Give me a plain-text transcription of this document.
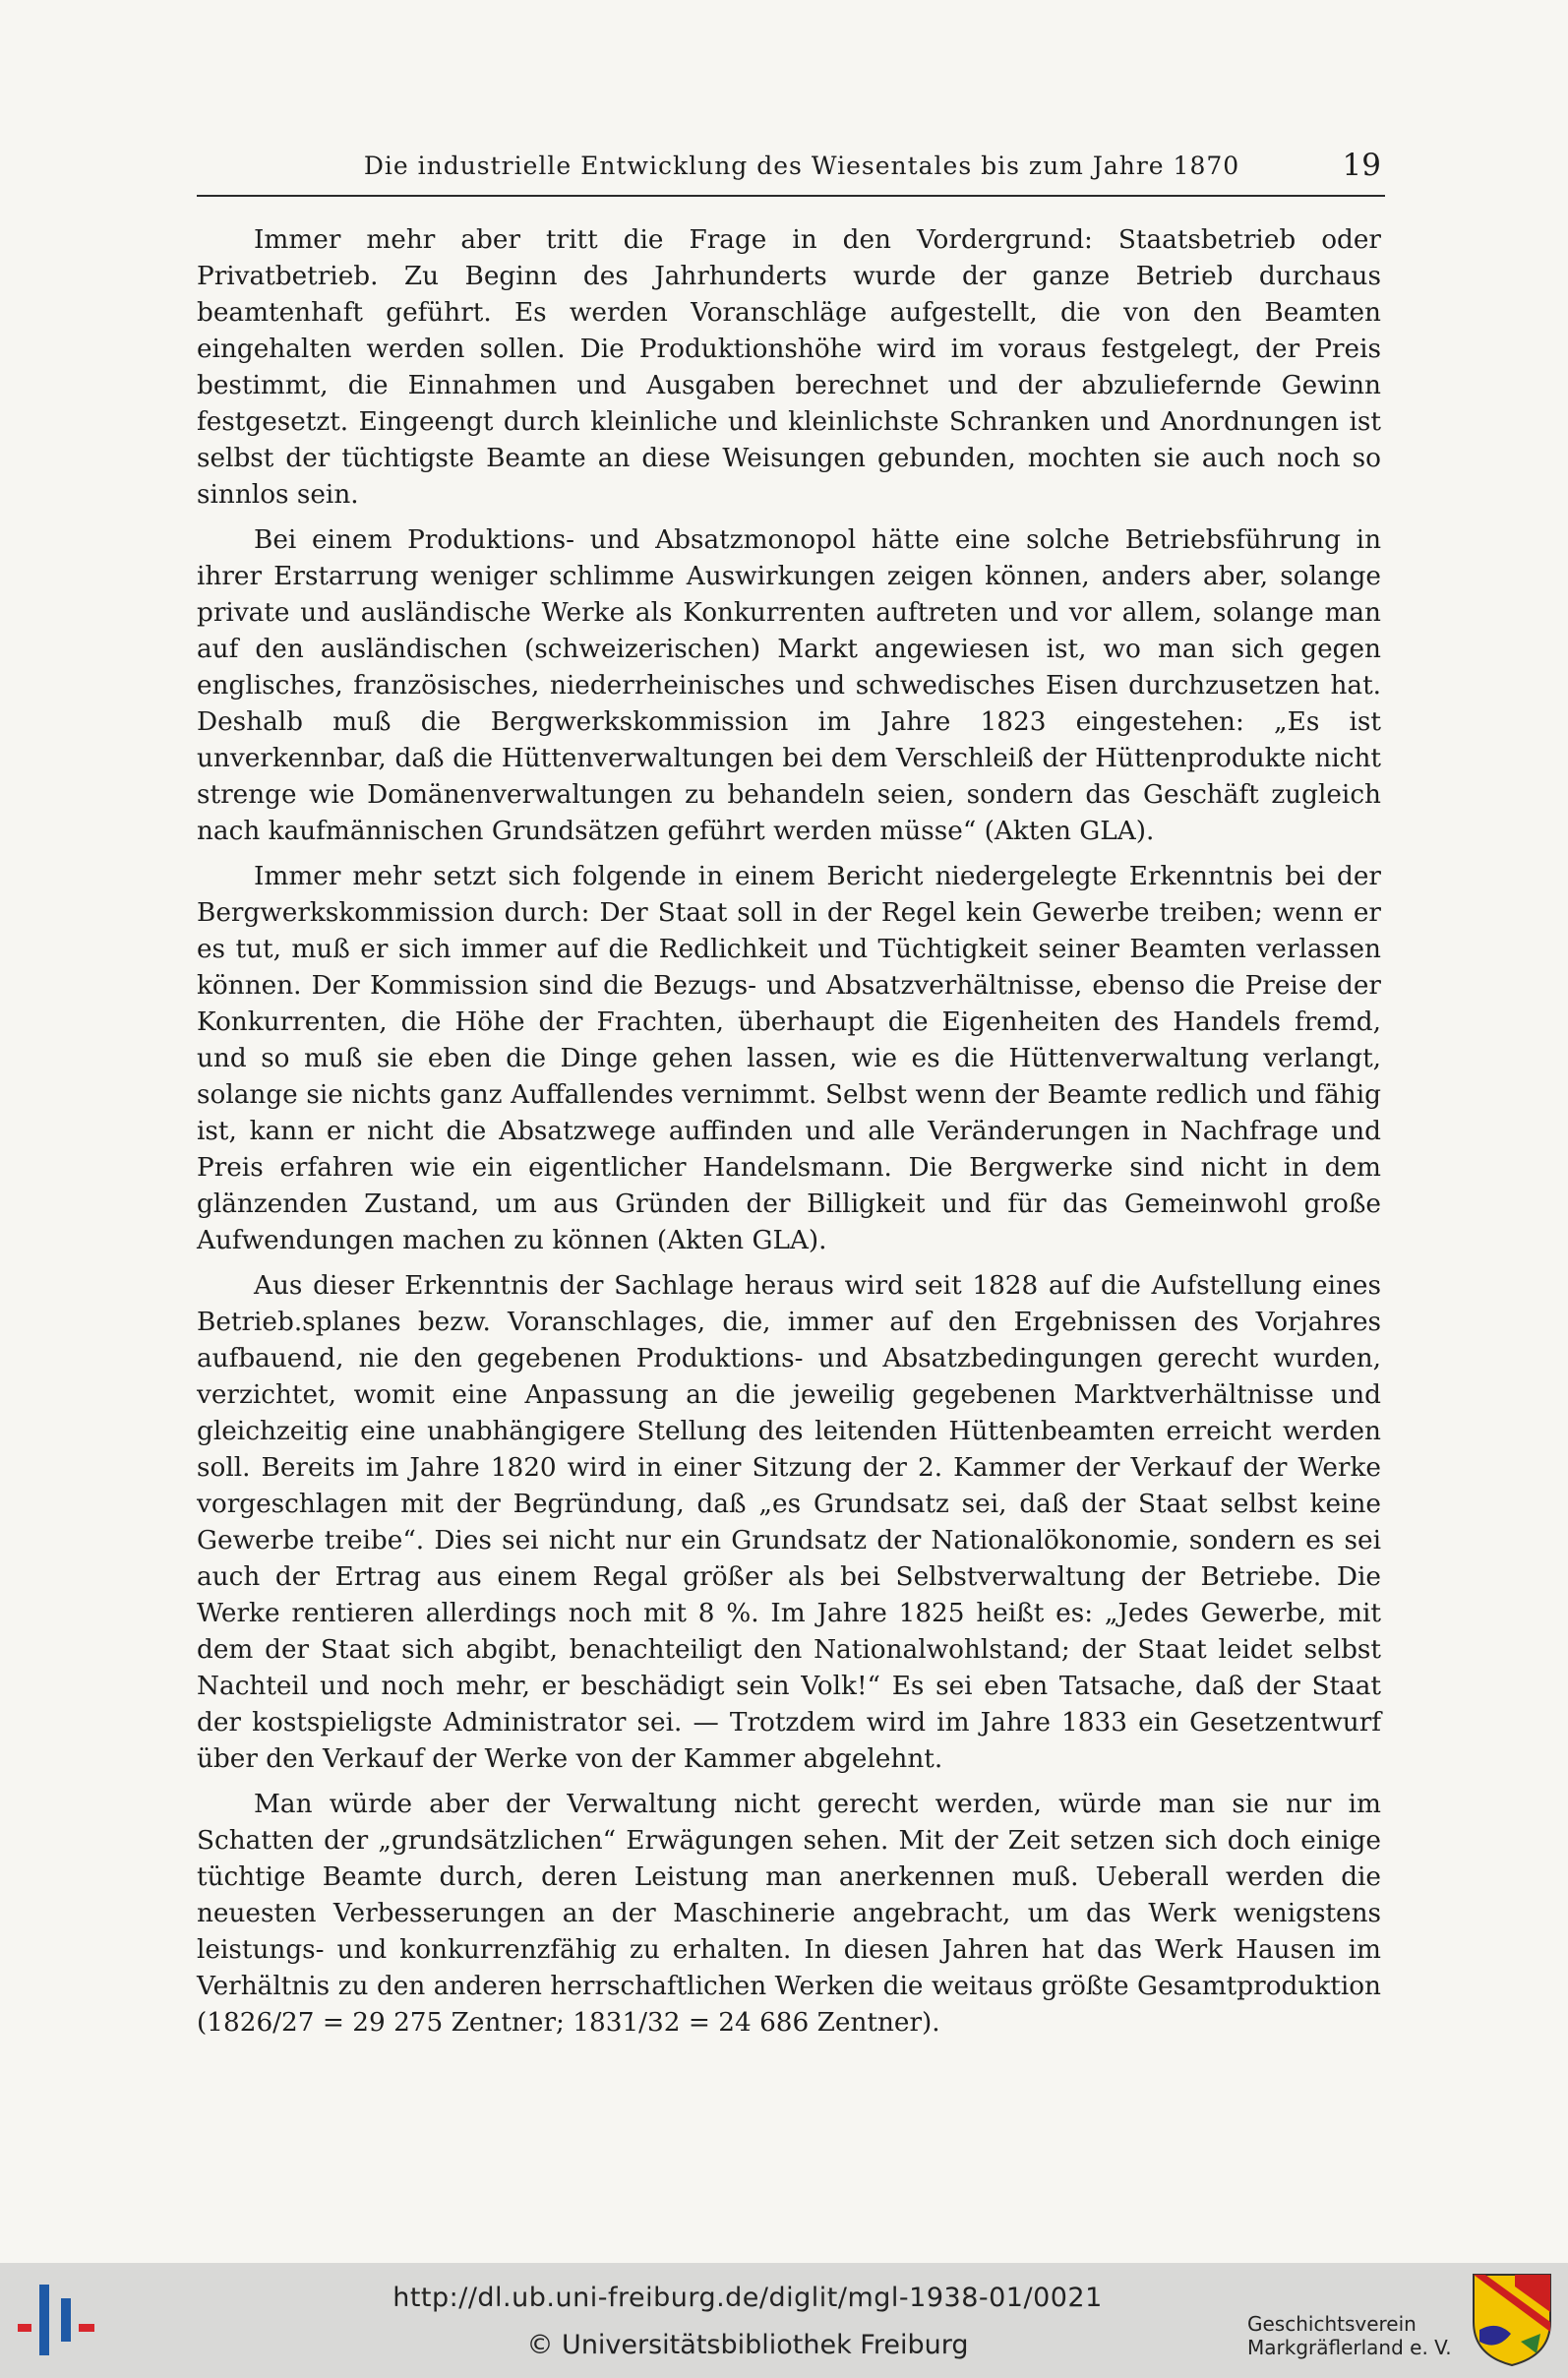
Die industrielle Entwicklung des Wiesentales bis zum Jahre 1870	19

Immer mehr aber tritt die Frage in den Vordergrund: Staatsbetrieb oder Privatbetrieb. Zu Beginn des Jahrhunderts wurde der ganze Betrieb durchaus beamtenhaft geführt. Es werden Voranschläge aufgestellt, die von den Beamten eingehalten werden sollen. Die Produktionshöhe wird im voraus festgelegt, der Preis bestimmt, die Einnahmen und Ausgaben berechnet und der abzuliefernde Gewinn festgesetzt. Eingeengt durch kleinliche und kleinlichste Schranken und Anordnungen ist selbst der tüchtigste Beamte an diese Weisungen gebunden, mochten sie auch noch so sinnlos sein.

Bei einem Produktions- und Absatzmonopol hätte eine solche Betriebsführung in ihrer Erstarrung weniger schlimme Auswirkungen zeigen können, anders aber, solange private und ausländische Werke als Konkurrenten auftreten und vor allem, solange man auf den ausländischen (schweizerischen) Markt angewiesen ist, wo man sich gegen englisches, französisches, niederrheinisches und schwedisches Eisen durchzusetzen hat. Deshalb muß die Bergwerkskommission im Jahre 1823 eingestehen: „Es ist unverkennbar, daß die Hüttenverwaltungen bei dem Verschleiß der Hüttenprodukte nicht strenge wie Domänenverwaltungen zu behandeln seien, sondern das Geschäft zugleich nach kaufmännischen Grundsätzen geführt werden müsse“ (Akten GLA).

Immer mehr setzt sich folgende in einem Bericht niedergelegte Erkenntnis bei der Bergwerkskommission durch: Der Staat soll in der Regel kein Gewerbe treiben; wenn er es tut, muß er sich immer auf die Redlichkeit und Tüchtigkeit seiner Beamten verlassen können. Der Kommission sind die Bezugs- und Absatzverhältnisse, ebenso die Preise der Konkurrenten, die Höhe der Frachten, überhaupt die Eigenheiten des Handels fremd, und so muß sie eben die Dinge gehen lassen, wie es die Hüttenverwaltung verlangt, solange sie nichts ganz Auffallendes vernimmt. Selbst wenn der Beamte redlich und fähig ist, kann er nicht die Absatzwege auffinden und alle Veränderungen in Nachfrage und Preis erfahren wie ein eigentlicher Handelsmann. Die Bergwerke sind nicht in dem glänzenden Zustand, um aus Gründen der Billigkeit und für das Gemeinwohl große Aufwendungen machen zu können (Akten GLA).

Aus dieser Erkenntnis der Sachlage heraus wird seit 1828 auf die Aufstellung eines Betrieb.splanes bezw. Voranschlages, die, immer auf den Ergebnissen des Vorjahres aufbauend, nie den gegebenen Produktions- und Absatzbedingungen gerecht wurden, verzichtet, womit eine Anpassung an die jeweilig gegebenen Marktverhältnisse und gleichzeitig eine unabhängigere Stellung des leitenden Hüttenbeamten erreicht werden soll. Bereits im Jahre 1820 wird in einer Sitzung der 2. Kammer der Verkauf der Werke vorgeschlagen mit der Begründung, daß „es Grundsatz sei, daß der Staat selbst keine Gewerbe treibe“. Dies sei nicht nur ein Grundsatz der Nationalökonomie, sondern es sei auch der Ertrag aus einem Regal größer als bei Selbstverwaltung der Betriebe. Die Werke rentieren allerdings noch mit 8 %. Im Jahre 1825 heißt es: „Jedes Gewerbe, mit dem der Staat sich abgibt, benachteiligt den Nationalwohlstand; der Staat leidet selbst Nachteil und noch mehr, er beschädigt sein Volk!“ Es sei eben Tatsache, daß der Staat der kostspieligste Administrator sei. — Trotzdem wird im Jahre 1833 ein Gesetzentwurf über den Verkauf der Werke von der Kammer abgelehnt.

Man würde aber der Verwaltung nicht gerecht werden, würde man sie nur im Schatten der „grundsätzlichen“ Erwägungen sehen. Mit der Zeit setzen sich doch einige tüchtige Beamte durch, deren Leistung man anerkennen muß. Ueberall werden die neuesten Verbesserungen an der Maschinerie angebracht, um das Werk wenigstens leistungs- und konkurrenzfähig zu erhalten. In diesen Jahren hat das Werk Hausen im Verhältnis zu den anderen herrschaftlichen Werken die weitaus größte Gesamtproduktion (1826/27 = 29 275 Zentner; 1831/32 = 24 686 Zentner).

http://dl.ub.uni-freiburg.de/diglit/mgl-1938-01/0021
© Universitätsbibliothek Freiburg
Geschichtsverein
Markgräflerland e. V.
